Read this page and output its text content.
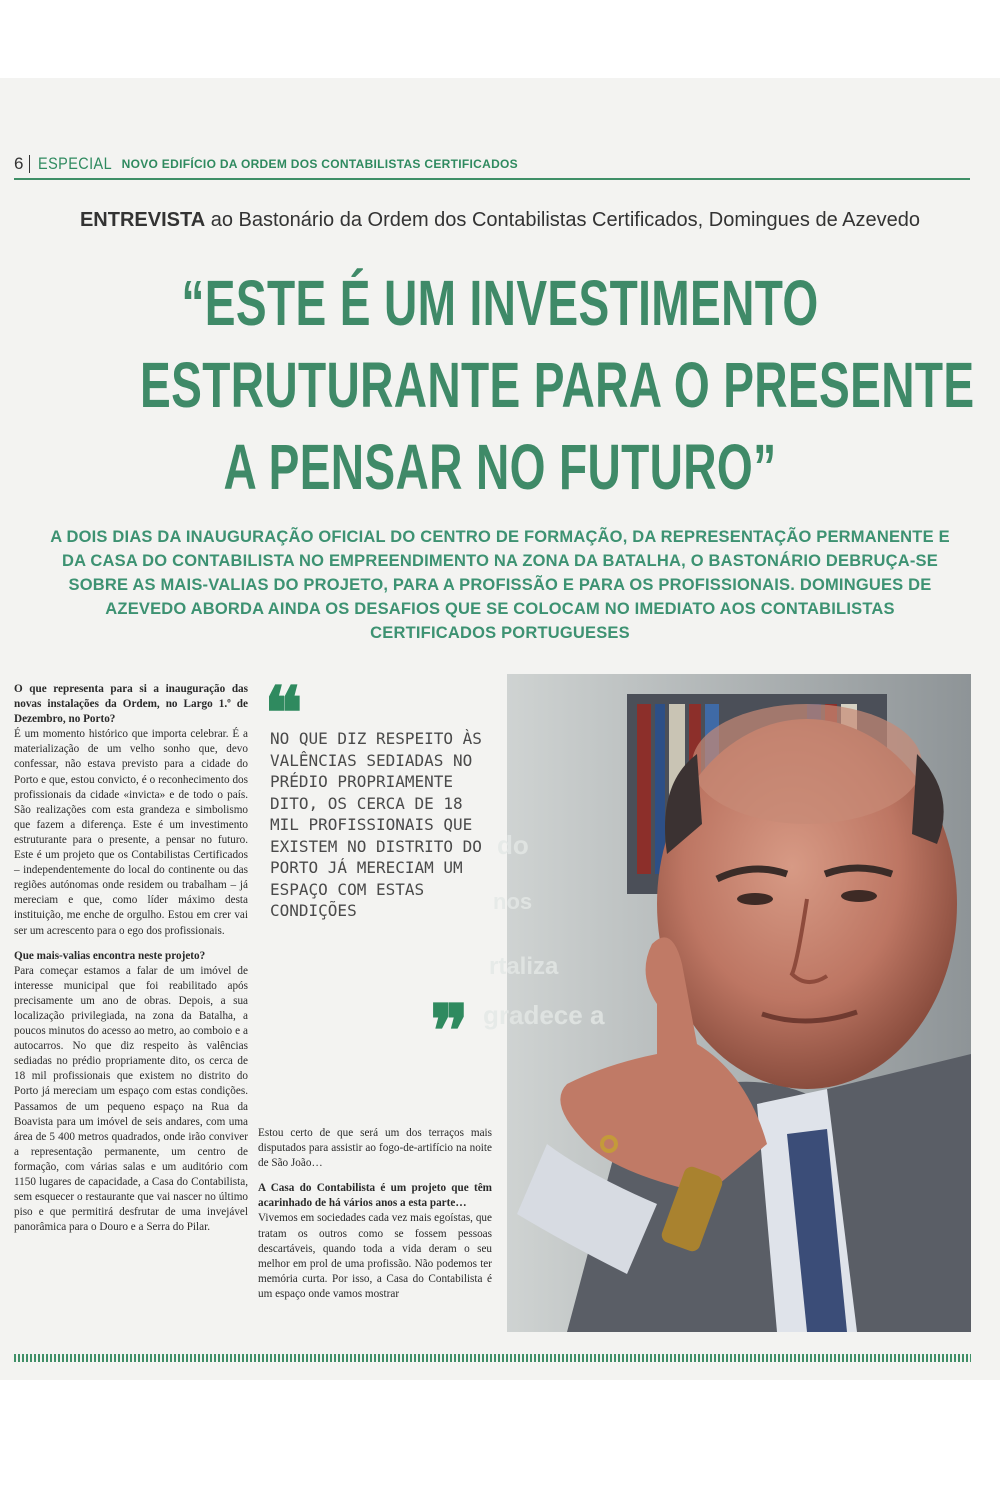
6 ESPECIAL NOVO EDIFÍCIO DA ORDEM DOS CONTABILISTAS CERTIFICADOS
ENTREVISTA ao Bastonário da Ordem dos Contabilistas Certificados, Domingues de Azevedo
“ESTE É UM INVESTIMENTO
ESTRUTURANTE PARA O PRESENTE
A PENSAR NO FUTURO”
A DOIS DIAS DA INAUGURAÇÃO OFICIAL DO CENTRO DE FORMAÇÃO, DA REPRESENTAÇÃO PERMANENTE E DA CASA DO CONTABILISTA NO EMPREENDIMENTO NA ZONA DA BATALHA, O BASTONÁRIO DEBRUÇA-SE SOBRE AS MAIS-VALIAS DO PROJETO, PARA A PROFISSÃO E PARA OS PROFISSIONAIS. DOMINGUES DE AZEVEDO ABORDA AINDA OS DESAFIOS QUE SE COLOCAM NO IMEDIATO AOS CONTABILISTAS CERTIFICADOS PORTUGUESES

O que representa para si a inauguração das novas instalações da Ordem, no Largo 1.º de Dezembro, no Porto?

É um momento histórico que importa celebrar. É a materialização de um velho sonho que, devo confessar, não estava previsto para a cidade do Porto e que, estou convicto, é o reconhecimento dos profissionais da cidade «invicta» e de todo o país. São realizações com esta grandeza e simbolismo que fazem a diferença. Este é um investimento estruturante para o presente, a pensar no futuro. Este é um projeto que os Contabilistas Certificados – independentemente do local do continente ou das regiões autónomas onde residem ou trabalham – já mereciam e que, como líder máximo desta instituição, me enche de orgulho. Estou em crer vai ser um acrescento para o ego dos profissionais.

Que mais-valias encontra neste projeto?

Para começar estamos a falar de um imóvel de interesse municipal que foi reabilitado após precisamente um ano de obras. Depois, a sua localização privilegiada, na zona da Batalha, a poucos minutos do acesso ao metro, ao comboio e a autocarros. No que diz respeito às valências sediadas no prédio propriamente dito, os cerca de 18 mil profissionais que existem no distrito do Porto já mereciam um espaço com estas condições. Passamos de um pequeno espaço na Rua da Boavista para um imóvel de seis andares, com uma área de 5 400 metros quadrados, onde irão conviver a representação permanente, um centro de formação, com várias salas e um auditório com 1150 lugares de capacidade, a Casa do Contabilista, sem esquecer o restaurante que vai nascer no último piso e que permitirá desfrutar de uma invejável panorâmica para o Douro e a Serra do Pilar.

❝
NO QUE DIZ RESPEITO ÀS VALÊNCIAS SEDIADAS NO PRÉDIO PROPRIAMENTE DITO, OS CERCA DE 18 MIL PROFISSIONAIS QUE EXISTEM NO DISTRITO DO PORTO JÁ MERECIAM UM ESPAÇO COM ESTAS CONDIÇÕES
❞

Estou certo de que será um dos terraços mais disputados para assistir ao fogo-de-artifício na noite de São João…

A Casa do Contabilista é um projeto que têm acarinhado de há vários anos a esta parte…

Vivemos em sociedades cada vez mais egoístas, que tratam os outros como se fossem pessoas descartáveis, quando toda a vida deram o seu melhor em prol de uma profissão. Não podemos ter memória curta. Por isso, a Casa do Contabilista é um espaço onde vamos mostrar

do
nos
rtaliza
gradece a
